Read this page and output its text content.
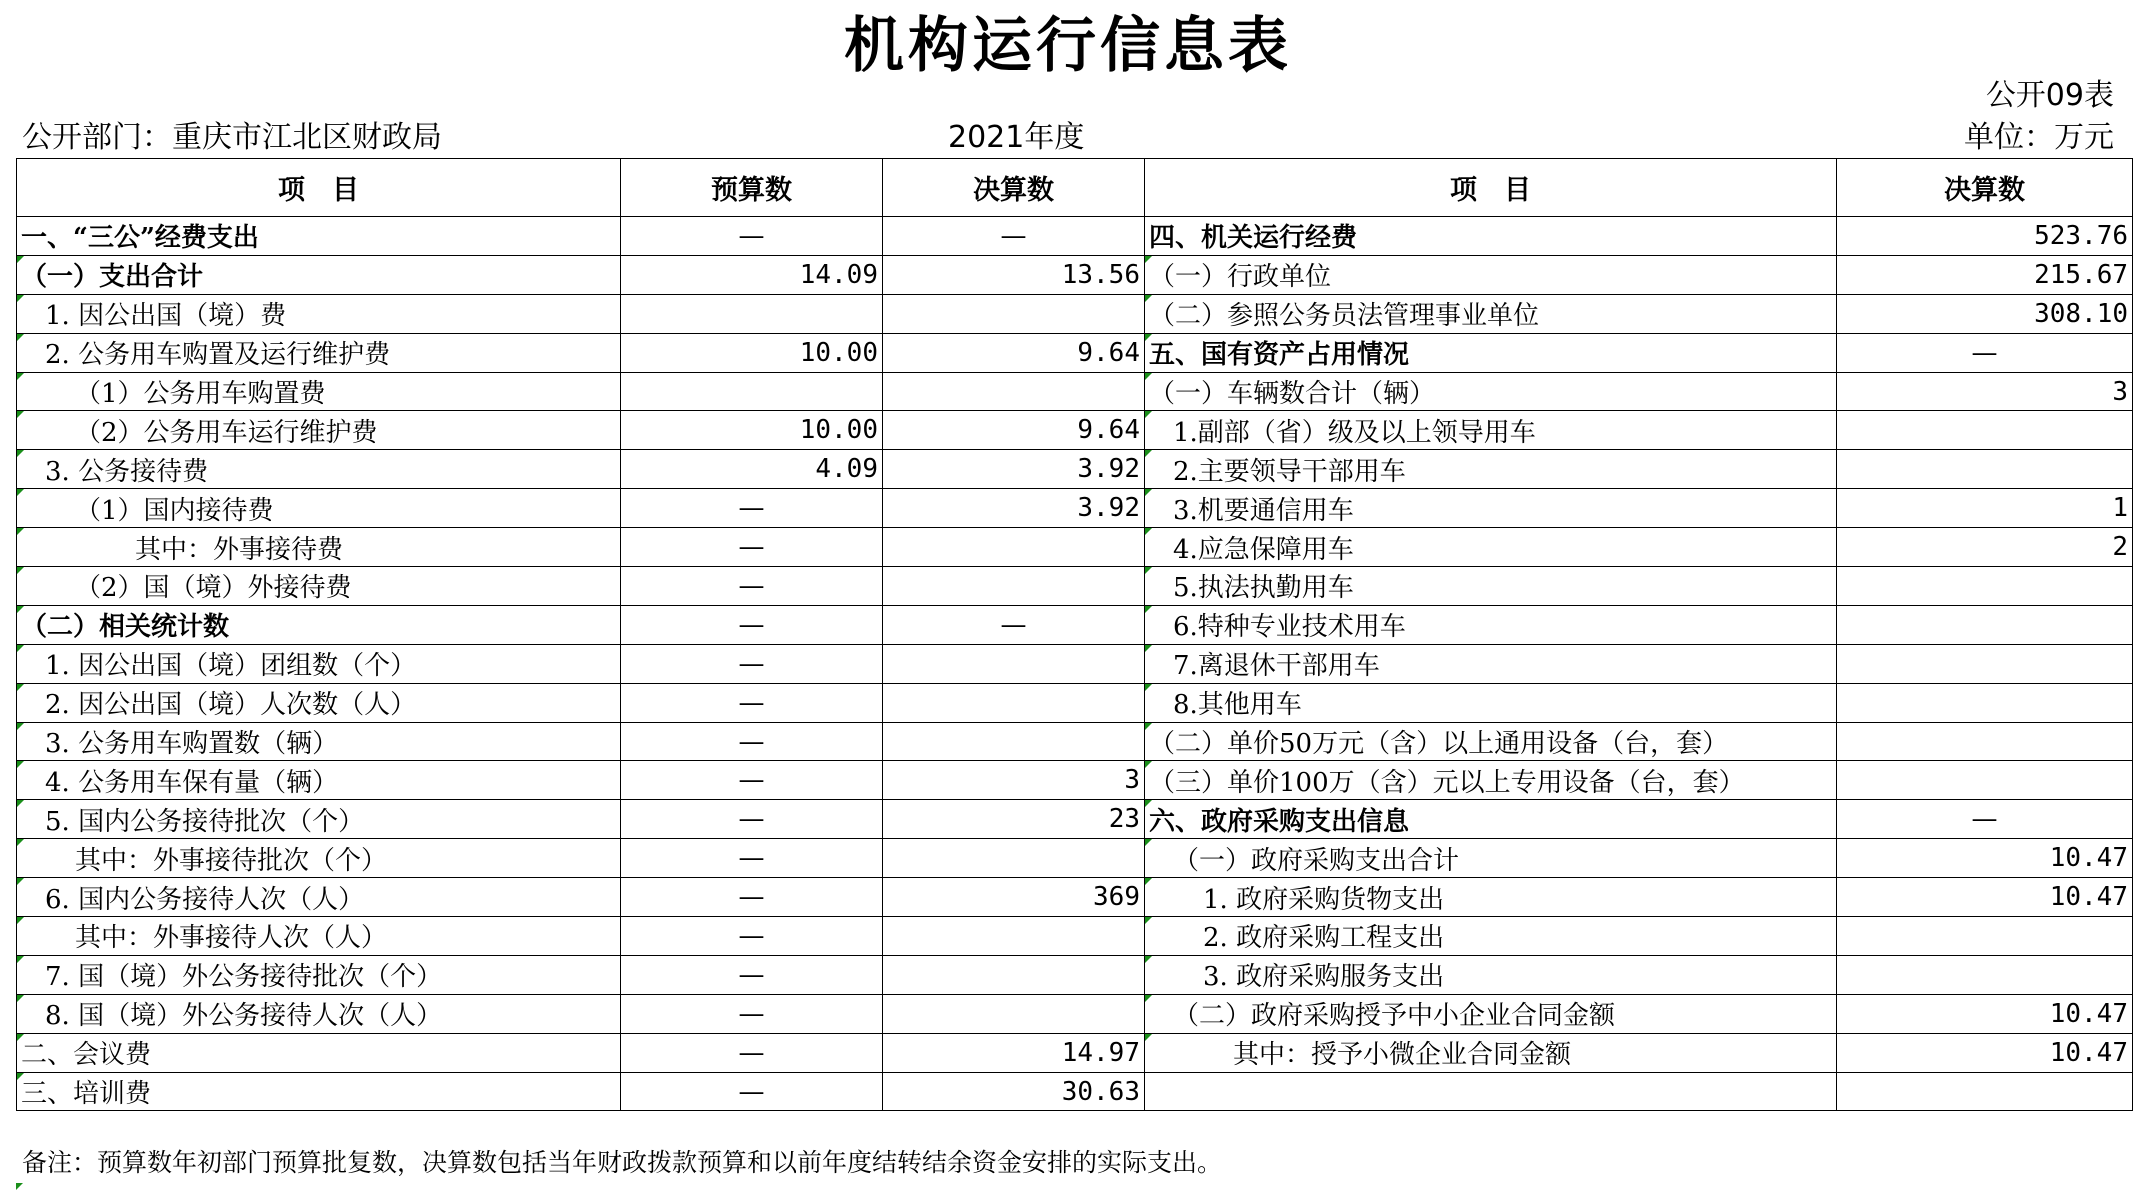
机构运行信息表
公开09表
公开部门：重庆市江北区财政局	2021年度	单位：万元
项　目	预算数	决算数	项　目	决算数
一、“三公”经费支出	—	—	四、机关运行经费	523.76
（一）支出合计	14.09	13.56	（一）行政单位	215.67
1. 因公出国（境）费			（二）参照公务员法管理事业单位	308.10
2. 公务用车购置及运行维护费	10.00	9.64	五、国有资产占用情况	—
（1）公务用车购置费			（一）车辆数合计（辆）	3
（2）公务用车运行维护费	10.00	9.64	1.副部（省）级及以上领导用车	
3. 公务接待费	4.09	3.92	2.主要领导干部用车	
（1）国内接待费	—	3.92	3.机要通信用车	1
其中：外事接待费	—		4.应急保障用车	2
（2）国（境）外接待费	—		5.执法执勤用车	
（二）相关统计数	—	—	6.特种专业技术用车	
1. 因公出国（境）团组数（个）	—		7.离退休干部用车	
2. 因公出国（境）人次数（人）	—		8.其他用车	
3. 公务用车购置数（辆）	—		（二）单价50万元（含）以上通用设备（台，套）	
4. 公务用车保有量（辆）	—	3	（三）单价100万（含）元以上专用设备（台，套）	
5. 国内公务接待批次（个）	—	23	六、政府采购支出信息	—
其中：外事接待批次（个）	—		（一）政府采购支出合计	10.47
6. 国内公务接待人次（人）	—	369	1. 政府采购货物支出	10.47
其中：外事接待人次（人）	—		2. 政府采购工程支出	
7. 国（境）外公务接待批次（个）	—		3. 政府采购服务支出	
8. 国（境）外公务接待人次（人）	—		（二）政府采购授予中小企业合同金额	10.47
二、会议费	—	14.97	其中：授予小微企业合同金额	10.47
三、培训费	—	30.63		
备注：预算数年初部门预算批复数，决算数包括当年财政拨款预算和以前年度结转结余资金安排的实际支出。
